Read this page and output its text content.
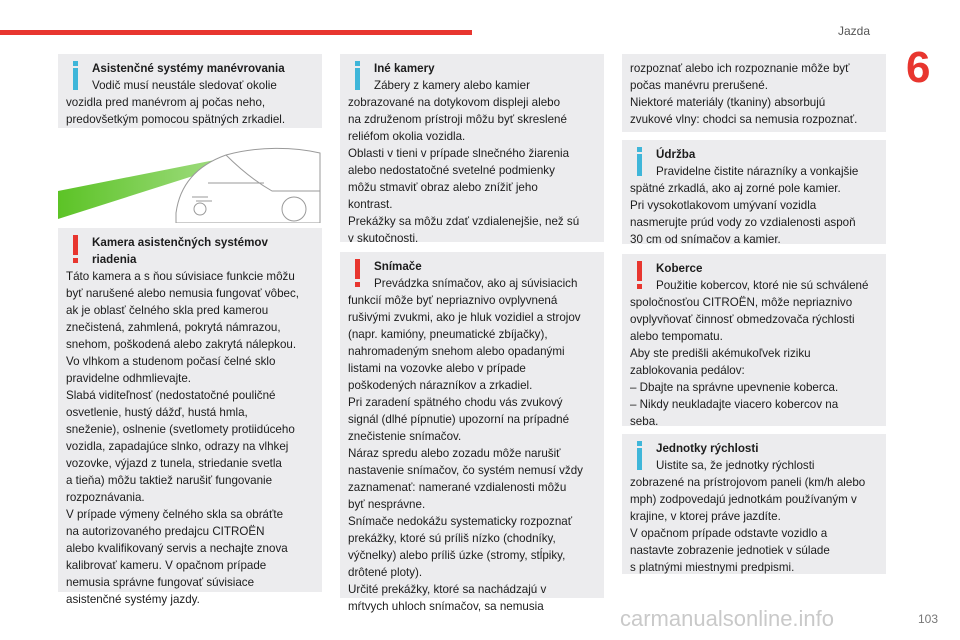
Jazda
6
Asistenčné systémy manévrovania
Vodič musí neustále sledovať okolie
vozidla pred manévrom aj počas neho,
predovšetkým pomocou spätných zrkadiel.
Kamera asistenčných systémov
riadenia
Táto kamera a s ňou súvisiace funkcie môžu
byť narušené alebo nemusia fungovať vôbec,
ak je oblasť čelného skla pred kamerou
znečistená, zahmlená, pokrytá námrazou,
snehom, poškodená alebo zakrytá nálepkou.
Vo vlhkom a studenom počasí čelné sklo
pravidelne odhmlievajte.
Slabá viditeľnosť (nedostatočné pouličné
osvetlenie, hustý dážď, hustá hmla,
sneženie), oslnenie (svetlomety protiidúceho
vozidla, zapadajúce slnko, odrazy na vlhkej
vozovke, výjazd z tunela, striedanie svetla
a tieňa) môžu taktiež narušiť fungovanie
rozpoznávania.
V prípade výmeny čelného skla sa obráťte
na autorizovaného predajcu CITROËN
alebo kvalifikovaný servis a nechajte znova
kalibrovať kameru. V opačnom prípade
nemusia správne fungovať súvisiace
asistenčné systémy jazdy.
Iné kamery
Zábery z kamery alebo kamier
zobrazované na dotykovom displeji alebo
na združenom prístroji môžu byť skreslené
reliéfom okolia vozidla.
Oblasti v tieni v prípade slnečného žiarenia
alebo nedostatočné svetelné podmienky
môžu stmaviť obraz alebo znížiť jeho
kontrast.
Prekážky sa môžu zdať vzdialenejšie, než sú
v skutočnosti.
Snímače
Prevádzka snímačov, ako aj súvisiacich
funkcií môže byť nepriaznivo ovplyvnená
rušivými zvukmi, ako je hluk vozidiel a strojov
(napr. kamióny, pneumatické zbíjačky),
nahromadeným snehom alebo opadanými
listami na vozovke alebo v prípade
poškodených nárazníkov a zrkadiel.
Pri zaradení spätného chodu vás zvukový
signál (dlhé pípnutie) upozorní na prípadné
znečistenie snímačov.
Náraz spredu alebo zozadu môže narušiť
nastavenie snímačov, čo systém nemusí vždy
zaznamenať: namerané vzdialenosti môžu
byť nesprávne.
Snímače nedokážu systematicky rozpoznať
prekážky, ktoré sú príliš nízko (chodníky,
výčnelky) alebo príliš úzke (stromy, stĺpiky,
drôtené ploty).
Určité prekážky, ktoré sa nachádzajú v
mŕtvych uhloch snímačov, sa nemusia
rozpoznať alebo ich rozpoznanie môže byť
počas manévru prerušené.
Niektoré materiály (tkaniny) absorbujú
zvukové vlny: chodci sa nemusia rozpoznať.
Údržba
Pravidelne čistite nárazníky a vonkajšie
spätné zrkadlá, ako aj zorné pole kamier.
Pri vysokotlakovom umývaní vozidla
nasmerujte prúd vody zo vzdialenosti aspoň
30 cm od snímačov a kamier.
Koberce
Použitie kobercov, ktoré nie sú schválené
spoločnosťou CITROËN, môže nepriaznivo
ovplyvňovať činnosť obmedzovača rýchlosti
alebo tempomatu.
Aby ste predišli akémukoľvek riziku
zablokovania pedálov:
– Dbajte na správne upevnenie koberca.
– Nikdy neukladajte viacero kobercov na
seba.
Jednotky rýchlosti
Uistite sa, že jednotky rýchlosti
zobrazené na prístrojovom paneli (km/h alebo
mph) zodpovedajú jednotkám používaným v
krajine, v ktorej práve jazdíte.
V opačnom prípade odstavte vozidlo a
nastavte zobrazenie jednotiek v súlade
s platnými miestnymi predpismi.
carmanualsonline.info	103
